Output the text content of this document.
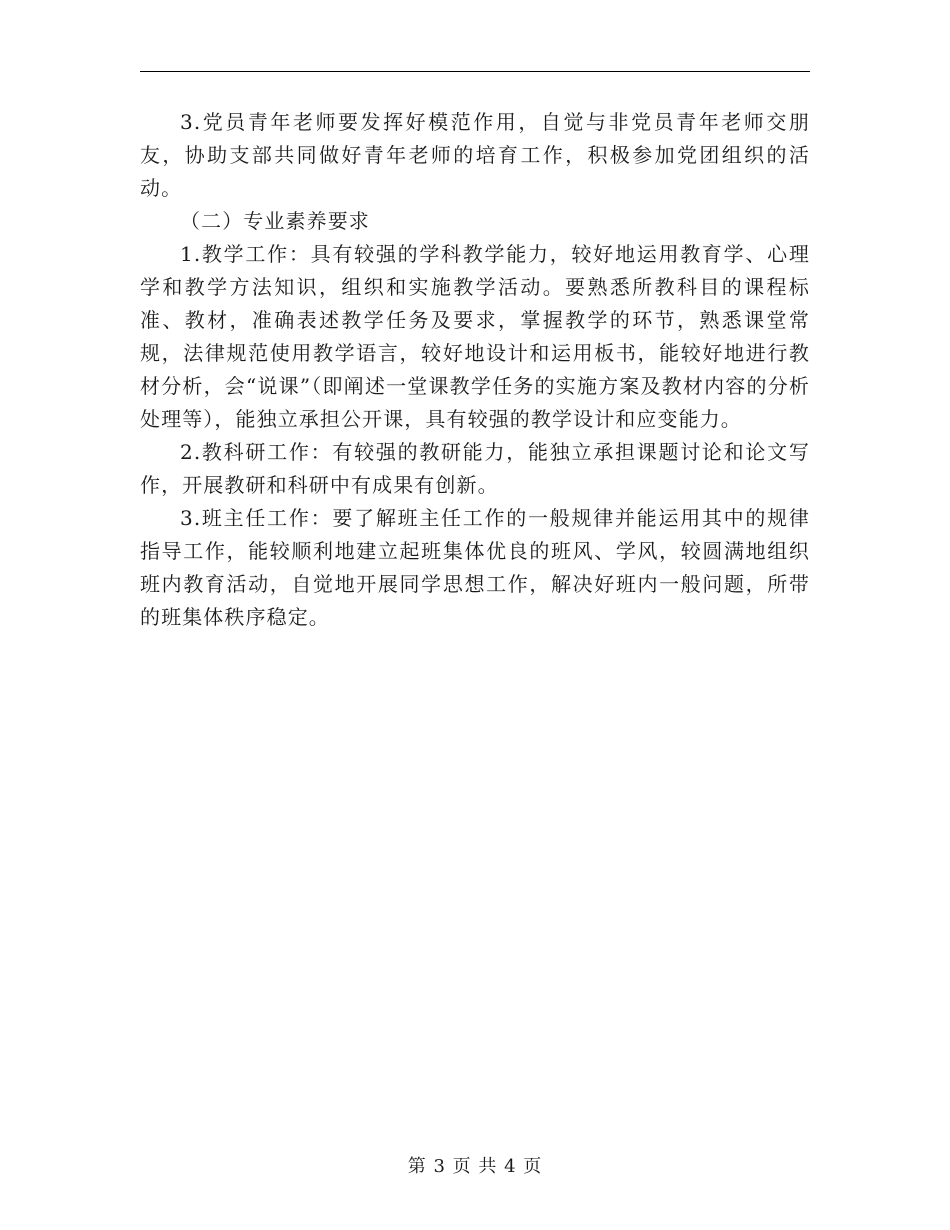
3.党员青年老师要发挥好模范作用，自觉与非党员青年老师交朋友，协助支部共同做好青年老师的培育工作，积极参加党团组织的活动。

（二）专业素养要求

1.教学工作：具有较强的学科教学能力，较好地运用教育学、心理学和教学方法知识，组织和实施教学活动。要熟悉所教科目的课程标准、教材，准确表述教学任务及要求，掌握教学的环节，熟悉课堂常规，法律规范使用教学语言，较好地设计和运用板书，能较好地进行教材分析，会“说课”（即阐述一堂课教学任务的实施方案及教材内容的分析处理等），能独立承担公开课，具有较强的教学设计和应变能力。

2.教科研工作：有较强的教研能力，能独立承担课题讨论和论文写作，开展教研和科研中有成果有创新。

3.班主任工作：要了解班主任工作的一般规律并能运用其中的规律指导工作，能较顺利地建立起班集体优良的班风、学风，较圆满地组织班内教育活动，自觉地开展同学思想工作，解决好班内一般问题，所带的班集体秩序稳定。

第 3 页 共 4 页
